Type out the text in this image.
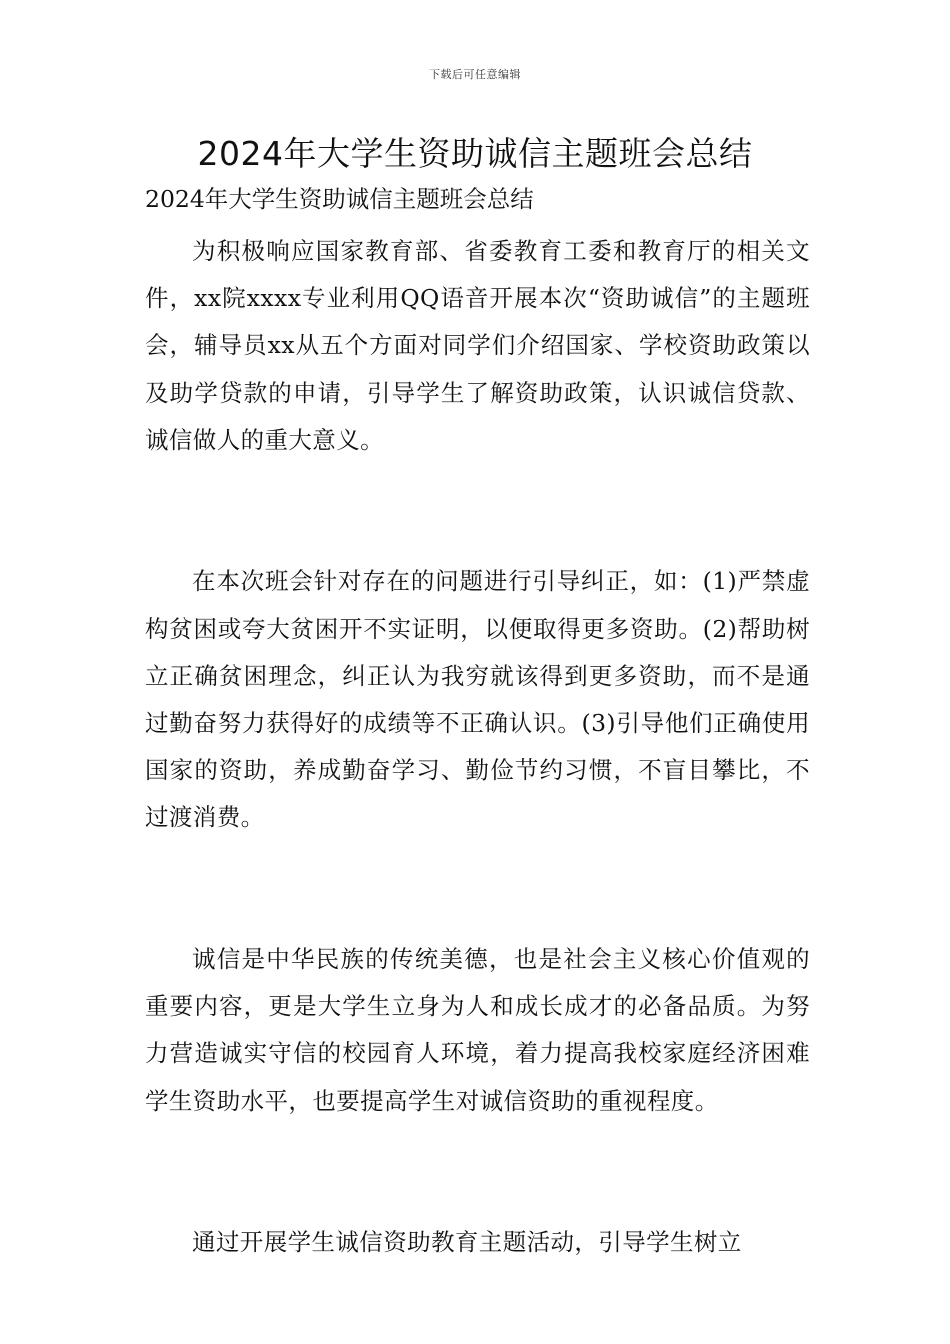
下载后可任意编辑
2024年大学生资助诚信主题班会总结
2024年大学生资助诚信主题班会总结

为积极响应国家教育部、省委教育工委和教育厅的相关文件，xx院xxxx专业利用QQ语音开展本次“资助诚信”的主题班会，辅导员xx从五个方面对同学们介绍国家、学校资助政策以及助学贷款的申请，引导学生了解资助政策，认识诚信贷款、诚信做人的重大意义。

在本次班会针对存在的问题进行引导纠正，如：(1)严禁虚构贫困或夸大贫困开不实证明，以便取得更多资助。(2)帮助树立正确贫困理念，纠正认为我穷就该得到更多资助，而不是通过勤奋努力获得好的成绩等不正确认识。(3)引导他们正确使用国家的资助，养成勤奋学习、勤俭节约习惯，不盲目攀比，不过渡消费。

诚信是中华民族的传统美德，也是社会主义核心价值观的重要内容，更是大学生立身为人和成长成才的必备品质。为努力营造诚实守信的校园育人环境，着力提高我校家庭经济困难学生资助水平，也要提高学生对诚信资助的重视程度。

通过开展学生诚信资助教育主题活动，引导学生树立
